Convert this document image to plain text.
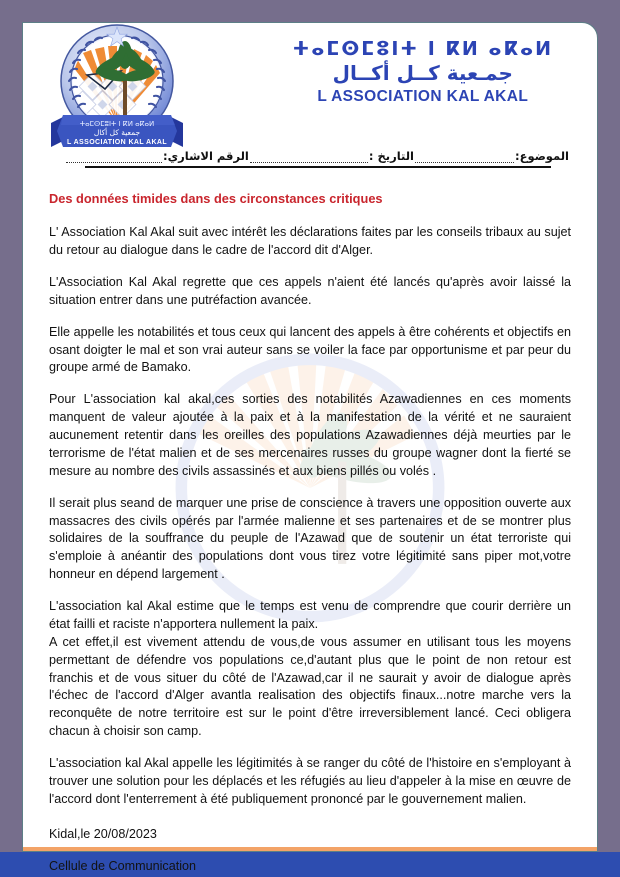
ⵜⴰⵎⵙⵎⵓⵏⵜ ⵏ ⴽⵍ ⴰⴽⴰⵍ
جمعية كل أكال
L ASSOCIATION KAL AKAL
ⵜⴰⵎⵙⵎⵓⵏⵜ ⵏ ⴽⵍ ⴰⴽⴰⵍ
جمـعية كــل أكــال
L ASSOCIATION KAL AKAL
الموضوع:
التاريخ :
الرقم الاشاري:
Des données timides dans des circonstances critiques

L' Association Kal Akal suit avec intérêt les déclarations faites par les conseils tribaux au sujet du retour au dialogue dans le cadre de l'accord dit d'Alger.

L'Association Kal Akal regrette que ces appels n'aient été lancés qu'après avoir laissé la situation entrer dans une putréfaction avancée.

Elle appelle les notabilités et tous ceux qui lancent des appels à être cohérents et objectifs en osant doigter le mal et son vrai auteur sans se voiler la face par opportunisme et par peur du groupe armé de Bamako.

Pour L'association kal akal,ces sorties des notabilités Azawadiennes en ces moments manquent de valeur ajoutée à la paix et à la manifestation de la vérité et ne sauraient aucunement retentir dans les oreilles des populations Azawadiennes déjà meurties par le terrorisme de l'état malien et de ses mercenaires russes du groupe wagner dont la fierté se mesure au nombre des civils assassinés et aux biens pillés ou volés .

Il serait plus seand de marquer une prise de conscience à travers une opposition ouverte aux massacres des civils opérés par l'armée malienne et ses partenaires et de se montrer plus solidaires de la souffrance du peuple de l'Azawad que de soutenir un état terroriste qui s'emploie à anéantir des populations dont vous tirez votre légitimité sans piper mot,votre honneur en dépend largement .

L'association kal Akal estime que le temps est venu de comprendre que courir derrière un état failli et raciste n'apportera nullement la paix.

A cet effet,il est vivement attendu de vous,de vous assumer en utilisant tous les moyens permettant de défendre vos populations ce,d'autant plus que le point de non retour est franchis et de vous situer du côté de l'Azawad,car il ne saurait y avoir de dialogue après l'échec de l'accord d'Alger avantla realisation des objectifs finaux...notre marche vers la reconquête de notre territoire est sur le point d'être irreversiblement lancé. Ceci obligera chacun à choisir son camp.

L'association kal Akal appelle les légitimités à se ranger du côté de l'histoire en s'employant à trouver une solution pour les déplacés et les réfugiés au lieu d'appeler à la mise en œuvre de l'accord dont l'enterrement à été publiquement prononcé par le gouvernement malien.

Kidal,le 20/08/2023
Cellule de Communication
